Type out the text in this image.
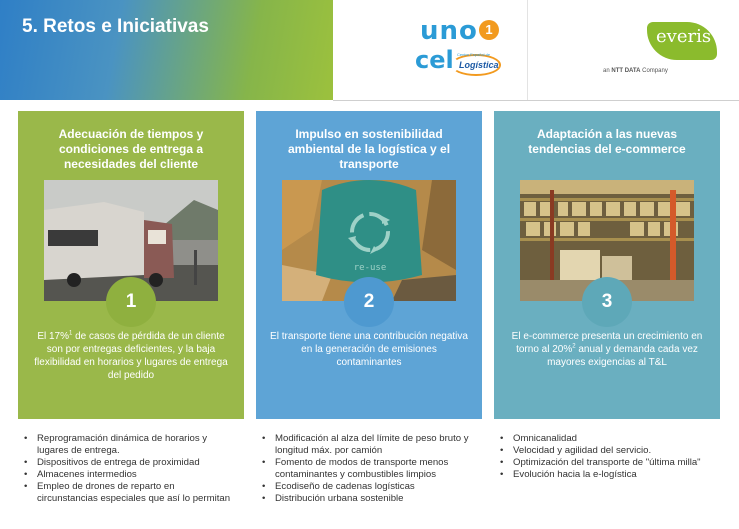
5. Retos e Iniciativas	uno 1
cel Centro Español de
Logística
everis
an NTT DATA Company
Adecuación de tiempos y condiciones de entrega a necesidades del cliente
1
El 17%$^1$ de casos de pérdida de un cliente son por entregas deficientes, y la baja flexibilidad en horarios y lugares de entrega del pedido
Impulso en sostenibilidad ambiental de la logística y el transporte
re-use
2
El transporte tiene una contribución negativa en la generación de emisiones contaminantes
Adaptación a las nuevas tendencias del e-commerce
3
El e-commerce presenta un crecimiento en torno al 20%$^2$ anual y demanda cada vez mayores exigencias al T&L
• Reprogramación dinámica de horarios y lugares de entrega.
• Dispositivos de entrega de proximidad
• Almacenes intermedios
• Empleo de drones de reparto en circunstancias especiales que así lo permitan
• Modificación al alza del límite de peso bruto y longitud máx. por camión
• Fomento de modos de transporte menos contaminantes y combustibles limpios
• Ecodiseño de cadenas logísticas
• Distribución urbana sostenible
• Omnicanalidad
• Velocidad y agilidad del servicio.
• Optimización del transporte de "última milla"
• Evolución hacia la e-logística
